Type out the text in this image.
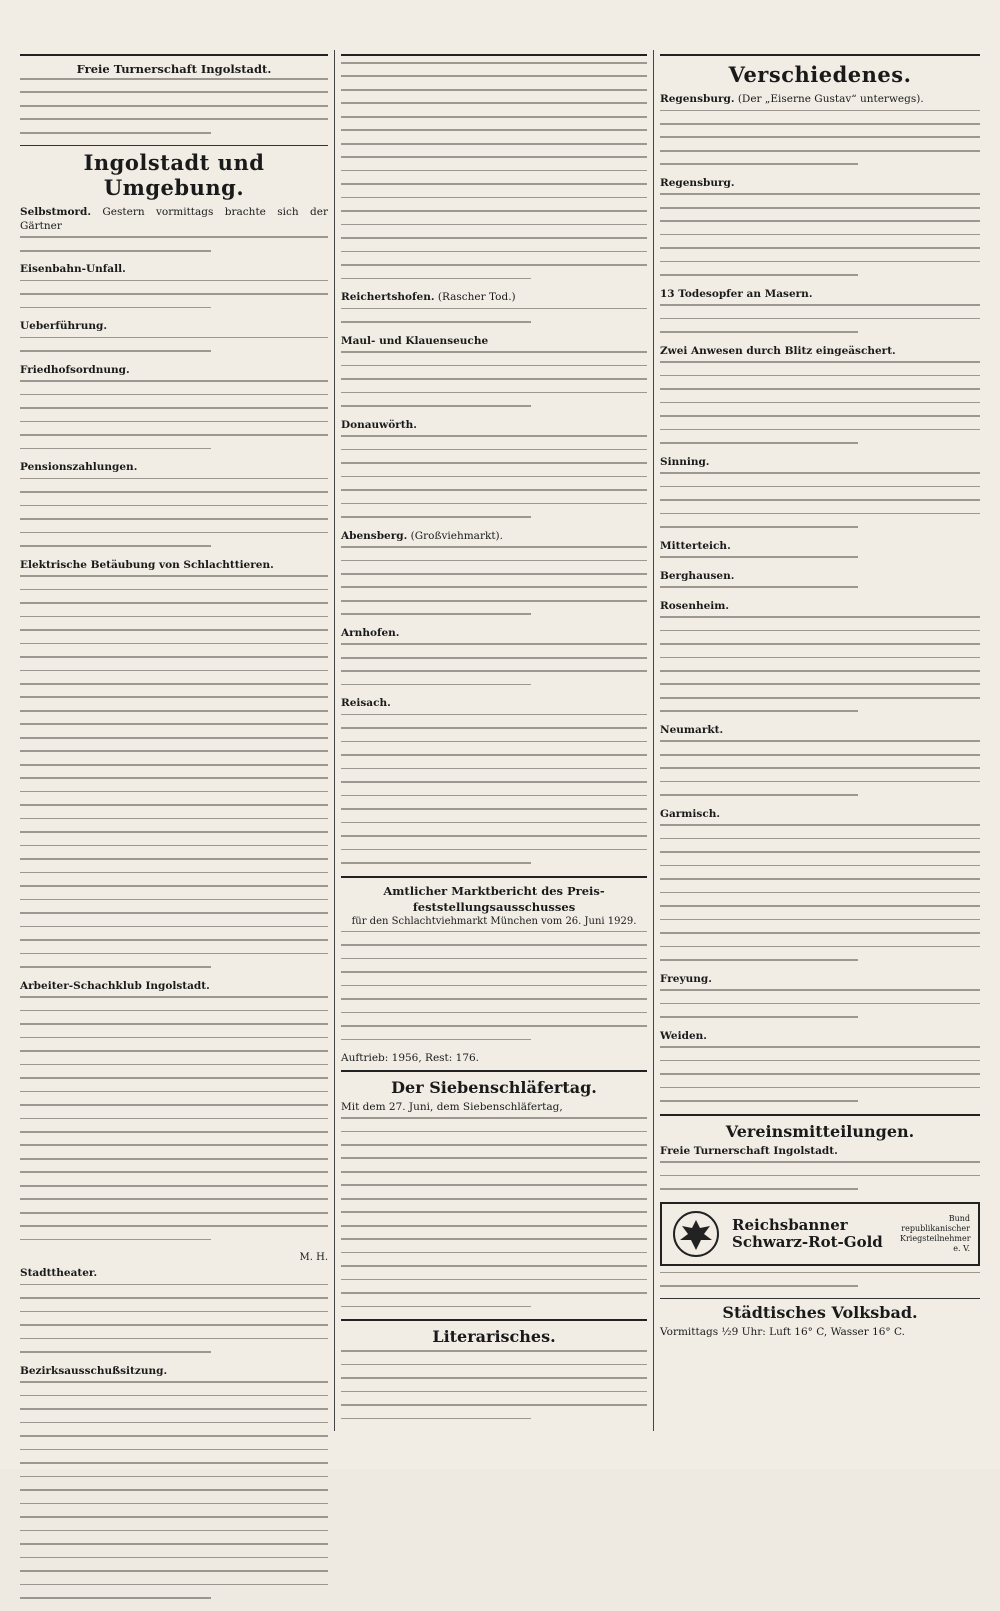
Freie Turnerschaft Ingolstadt.
Ingolstadt und Umgebung.

Selbstmord. Gestern vormittags brachte sich der Gärtner

Eisenbahn-Unfall.

Ueberführung.

Friedhofsordnung.

Pensionszahlungen.

Elektrische Betäubung von Schlachttieren.

Arbeiter-Schachklub Ingolstadt.

M. H.

Stadttheater.

Bezirksausschußsitzung.

Reichertshofen. (Rascher Tod.)

Maul- und Klauenseuche

Donauwörth.

Abensberg. (Großviehmarkt).

Arnhofen.

Reisach.

Amtlicher Marktbericht des Preis-
feststellungsausschusses
für den Schlachtviehmarkt München vom 26. Juni 1929.

Auftrieb: 1956, Rest: 176.

Der Siebenschläfertag.

Mit dem 27. Juni, dem Siebenschläfertag,

Literarisches.
Verschiedenes.

Regensburg. (Der „Eiserne Gustav“ unterwegs).

Regensburg.

13 Todesopfer an Masern.

Zwei Anwesen durch Blitz eingeäschert.

Sinning.

Mitterteich.

Berghausen.

Rosenheim.

Neumarkt.

Garmisch.

Freyung.

Weiden.

Vereinsmitteilungen.

Freie Turnerschaft Ingolstadt.

Reichsbanner
Schwarz-Rot-Gold
Bund republikanischer Kriegsteilnehmer e. V.
Städtisches Volksbad.

Vormittags ½9 Uhr: Luft 16° C, Wasser 16° C.
